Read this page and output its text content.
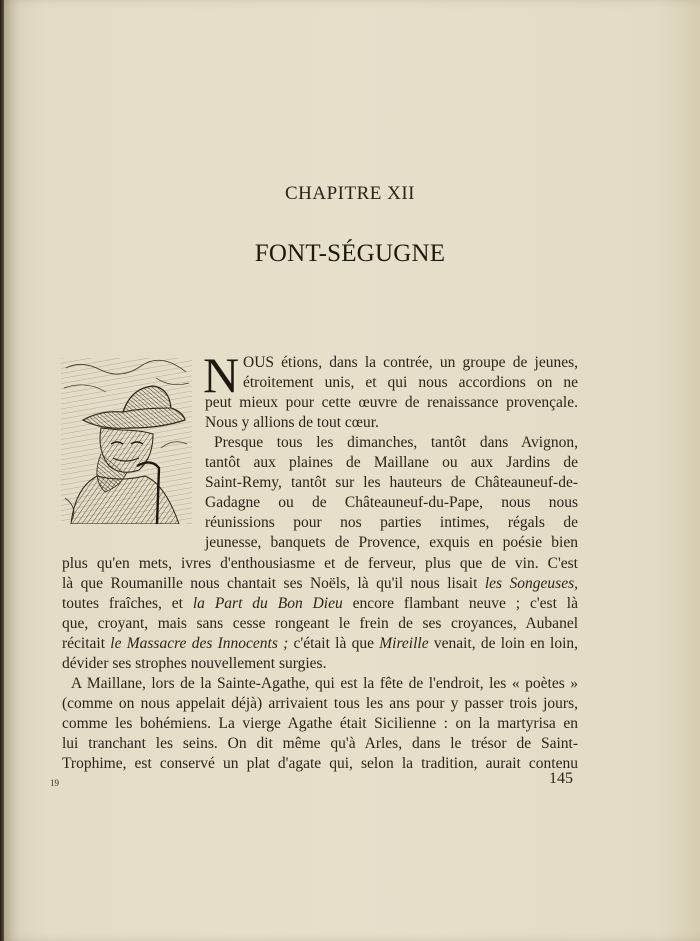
CHAPITRE XII
FONT-SÉGUGNE
N OUS étions, dans la contrée, un groupe de jeunes,
étroitement unis, et qui nous accordions on ne
peut mieux pour cette œuvre de renaissance provençale.
Nous y allions de tout cœur.
Presque tous les dimanches, tantôt dans Avignon,
tantôt aux plaines de Maillane ou aux Jardins de
Saint-Remy, tantôt sur les hauteurs de Châteauneuf-de-
Gadagne ou de Châteauneuf-du-Pape, nous nous
réunissions pour nos parties intimes, régals de
jeunesse, banquets de Provence, exquis en poésie bien
plus qu'en mets, ivres d'enthousiasme et de ferveur, plus que de vin. C'est
là que Roumanille nous chantait ses Noëls, là qu'il nous lisait les Songeuses,
toutes fraîches, et la Part du Bon Dieu encore flambant neuve ; c'est là
que, croyant, mais sans cesse rongeant le frein de ses croyances, Aubanel
récitait le Massacre des Innocents ; c'était là que Mireille venait, de loin en loin,
dévider ses strophes nouvellement surgies.
A Maillane, lors de la Sainte-Agathe, qui est la fête de l'endroit, les « poètes »
(comme on nous appelait déjà) arrivaient tous les ans pour y passer trois jours,
comme les bohémiens. La vierge Agathe était Sicilienne : on la martyrisa en
lui tranchant les seins. On dit même qu'à Arles, dans le trésor de Saint-
Trophime, est conservé un plat d'agate qui, selon la tradition, aurait contenu
19	145
